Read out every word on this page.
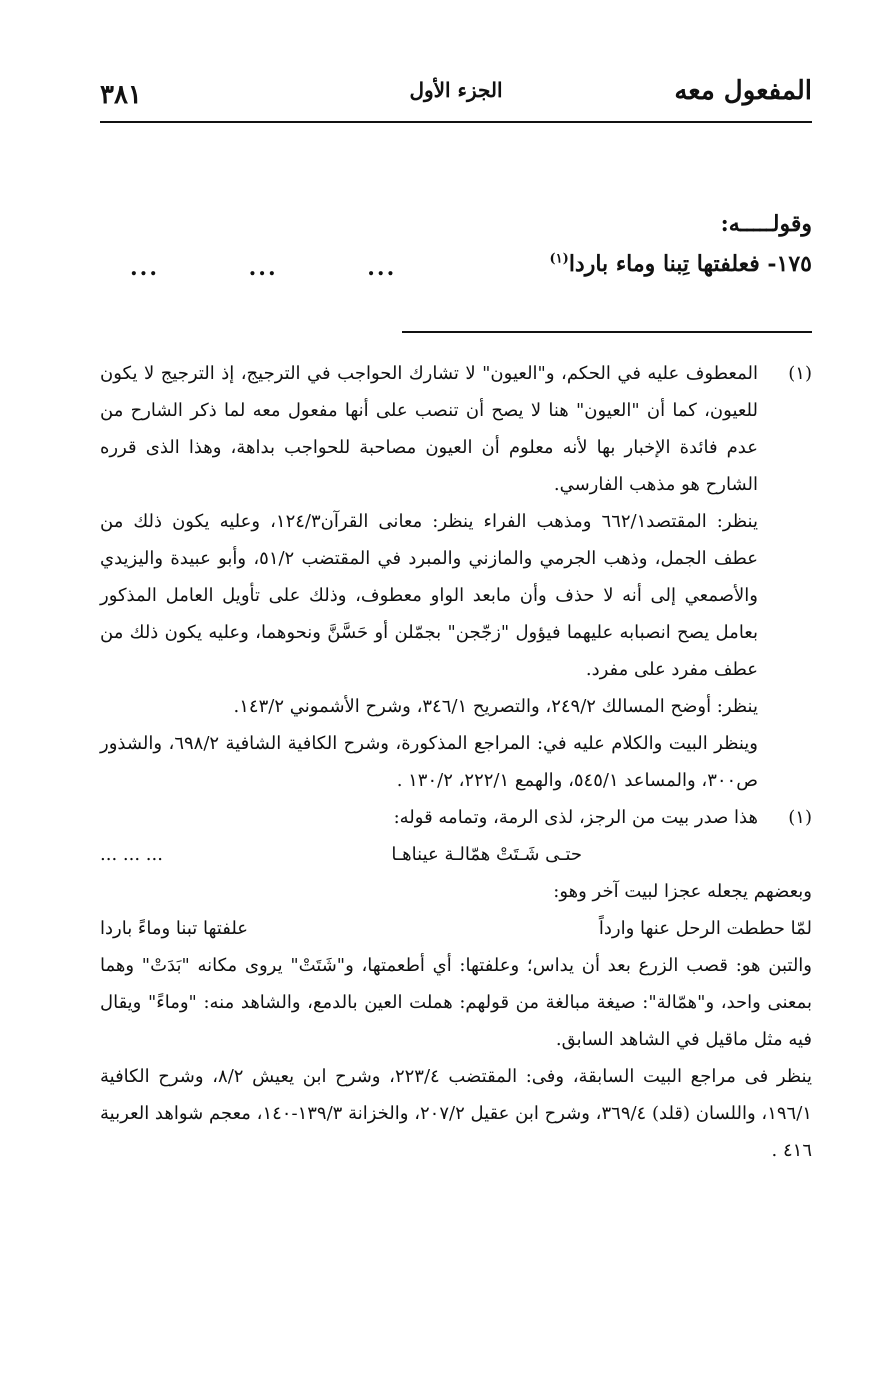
المفعول معه
الجزء الأول
٣٨١
وقولـــــه:
١٧٥- فعلفتها تِبنا وماء باردا$^{(١)}$
... ... ...
(١)

المعطوف عليه في الحكم، و"العيون" لا تشارك الحواجب في الترجيج، إذ الترجيج لا يكون للعيون، كما أن "العيون" هنا لا يصح أن تنصب على أنها مفعول معه لما ذكر الشارح من عدم فائدة الإخبار بها لأنه معلوم أن العيون مصاحبة للحواجب بداهة، وهذا الذى قرره الشارح هو مذهب الفارسي.

ينظر: المقتصد٦٦٢/١ ومذهب الفراء ينظر: معانى القرآن١٢٤/٣، وعليه يكون ذلك من عطف الجمل، وذهب الجرمي والمازني والمبرد في المقتضب ٥١/٢، وأبو عبيدة واليزيدي والأصمعي إلى أنه لا حذف وأن مابعد الواو معطوف، وذلك على تأويل العامل المذكور بعامل يصح انصبابه عليهما فيؤول "زجّجن" بجمّلن أو حَسَّنَّ ونحوهما، وعليه يكون ذلك من عطف مفرد على مفرد.

ينظر: أوضح المسالك ٢٤٩/٢، والتصريح ٣٤٦/١، وشرح الأشموني ١٤٣/٢.

وينظر البيت والكلام عليه في: المراجع المذكورة، وشرح الكافية الشافية ٦٩٨/٢، والشذور ص٣٠٠، والمساعد ٥٤٥/١، والهمع ٢٢٢/١، ١٣٠/٢ .

(١)

هذا صدر بيت من الرجز، لذى الرمة، وتمامه قوله:

... ... ...	حتـى شَـتَتْ همّالـة عيناهـا
وبعضهم يجعله عجزا لبيت آخر وهو:
لمّا حططت الرحل عنها وارداً
علفتها تبنا وماءً باردا

والتبن هو: قصب الزرع بعد أن يداس؛ وعلفتها: أي أطعمتها، و"شَتَتْ" يروى مكانه "بَدَتْ" وهما بمعنى واحد، و"همّالة": صيغة مبالغة من قولهم: هملت العين بالدمع، والشاهد منه: "وماءً" ويقال فيه مثل ماقيل في الشاهد السابق.

ينظر فى مراجع البيت السابقة، وفى: المقتضب ٢٢٣/٤، وشرح ابن يعيش ٨/٢، وشرح الكافية ١٩٦/١، واللسان (قلد) ٣٦٩/٤، وشرح ابن عقيل ٢٠٧/٢، والخزانة ١٣٩/٣-١٤٠، معجم شواهد العربية ٤١٦ .
